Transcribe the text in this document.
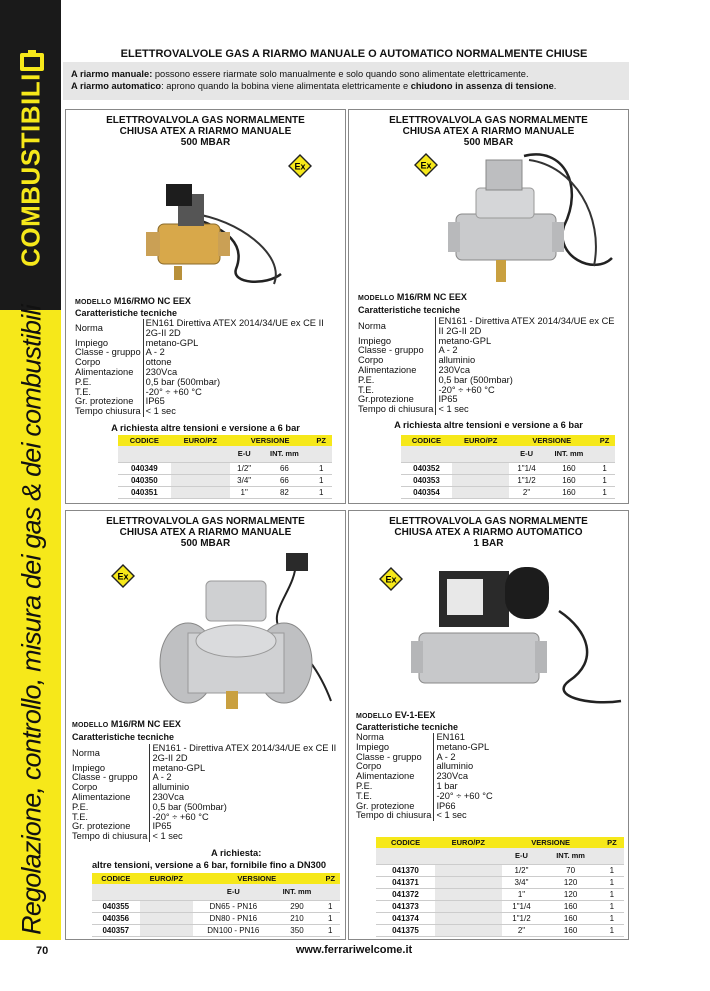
COMBUSTIBILI
Regolazione, controllo, misura dei gas & dei combustibili
70
ELETTROVALVOLE GAS A RIARMO MANUALE O AUTOMATICO NORMALMENTE CHIUSE
A riarmo manuale: possono essere riarmate solo manualmente e solo quando sono alimentate elettricamente.
A riarmo automatico: aprono quando la bobina viene alimentata elettricamente e chiudono in assenza di tensione.
ELETTROVALVOLA GAS NORMALMENTE
CHIUSA ATEX A RIARMO MANUALE
500 MBAR
Ex
MODELLO M16/RMO NC EEX
Caratteristiche tecniche
Norma	EN161 Direttiva ATEX 2014/34/UE ex CE II 2G-II 2D
Impiego	metano-GPL
Classe - gruppo	A - 2
Corpo	ottone
Alimentazione	230Vca
P.E.	0,5 bar (500mbar)
T.E.	-20° ÷ +60 °C
Gr. protezione	IP65
Tempo chiusura	< 1 sec
A richiesta altre tensioni e versione a 6 bar
CODICE	EURO/PZ	VERSIONE		PZ
		E-U	INT. mm	
040349		1/2"	66	1
040350		3/4"	66	1
040351		1"	82	1
ELETTROVALVOLA GAS NORMALMENTE
CHIUSA ATEX A RIARMO MANUALE
500 MBAR
Ex
MODELLO M16/RM NC EEX
Caratteristiche tecniche
Norma	EN161 - Direttiva ATEX 2014/34/UE ex CE II 2G-II 2D
Impiego	metano-GPL
Classe - gruppo	A - 2
Corpo	alluminio
Alimentazione	230Vca
P.E.	0,5 bar (500mbar)
T.E.	-20° ÷ +60 °C
Gr.protezione	IP65
Tempo di chiusura	< 1 sec
A richiesta altre tensioni e versione a 6 bar
CODICE	EURO/PZ	VERSIONE		PZ
		E-U	INT. mm	
040352		1"1/4	160	1
040353		1"1/2	160	1
040354		2"	160	1
ELETTROVALVOLA GAS NORMALMENTE
CHIUSA ATEX A RIARMO MANUALE
500 MBAR
Ex
MODELLO M16/RM NC EEX
Caratteristiche tecniche
Norma	EN161 - Direttiva ATEX 2014/34/UE ex CE II 2G-II 2D
Impiego	metano-GPL
Classe - gruppo	A - 2
Corpo	alluminio
Alimentazione	230Vca
P.E.	0,5 bar (500mbar)
T.E.	-20° ÷ +60 °C
Gr. protezione	IP65
Tempo di chiusura	< 1 sec
A richiesta:
altre tensioni, versione a 6 bar, fornibile fino a DN300
CODICE	EURO/PZ	VERSIONE		PZ
		E-U	INT. mm	
040355		DN65 - PN16	290	1
040356		DN80 - PN16	210	1
040357		DN100 - PN16	350	1
ELETTROVALVOLA GAS NORMALMENTE
CHIUSA ATEX A RIARMO AUTOMATICO
1 BAR
Ex
MODELLO EV-1-EEX
Caratteristiche tecniche
Norma	EN161
Impiego	metano-GPL
Classe - gruppo	A - 2
Corpo	alluminio
Alimentazione	230Vca
P.E.	1 bar
T.E.	-20° ÷ +60 °C
Gr. protezione	IP66
Tempo di chiusura	< 1 sec
CODICE	EURO/PZ	VERSIONE		PZ
		E-U	INT. mm	
041370		1/2"	70	1
041371		3/4"	120	1
041372		1"	120	1
041373		1"1/4	160	1
041374		1"1/2	160	1
041375		2"	160	1
www.ferrariwelcome.it
